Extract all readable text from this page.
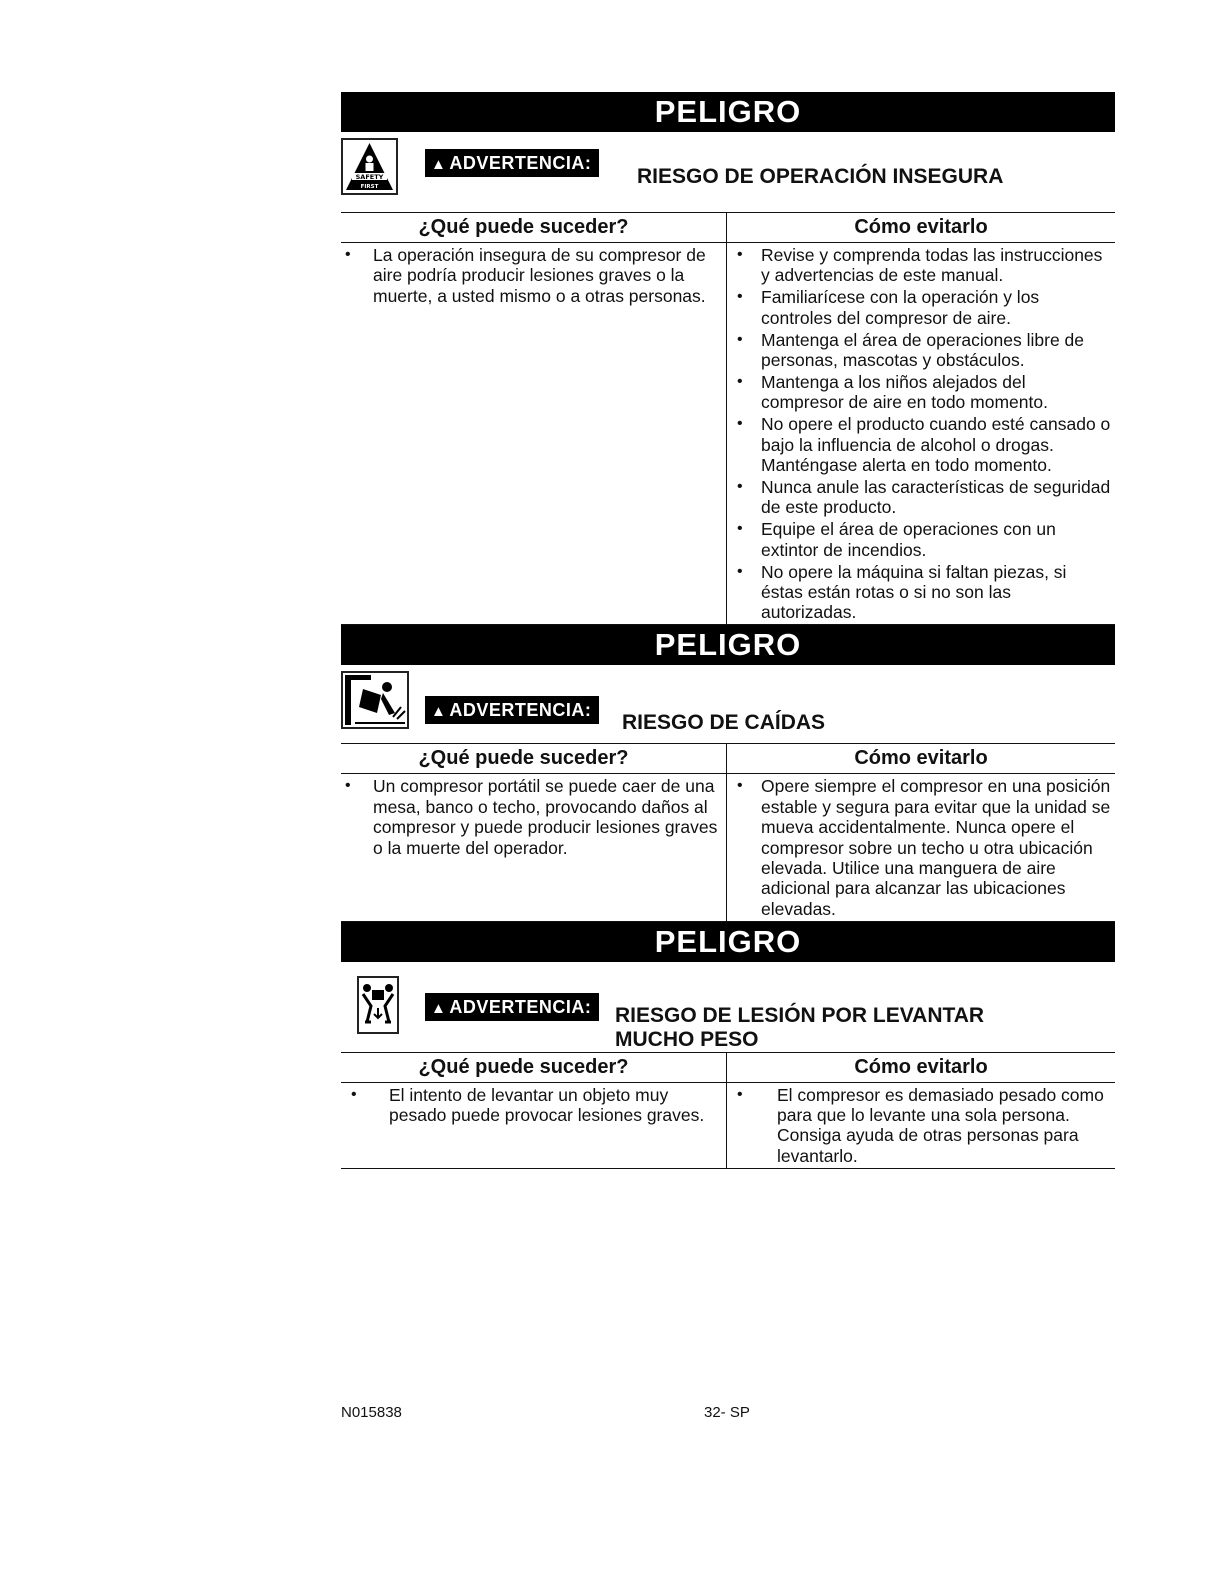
PELIGRO
SAFETY
FIRST
▲ ADVERTENCIA:
RIESGO DE OPERACIÓN INSEGURA
¿Qué puede suceder?
• La operación insegura de su compresor de aire podría producir lesiones graves o la muerte, a usted mismo o a otras personas.
Cómo evitarlo
• Revise y comprenda todas las instrucciones y advertencias de este manual.
• Familiarícese con la operación y los controles del compresor de aire.
• Mantenga el área de operaciones libre de personas, mascotas y obstáculos.
• Mantenga a los niños alejados del compresor de aire en todo momento.
• No opere el producto cuando esté cansado o bajo la influencia de alcohol o drogas. Manténgase alerta en todo momento.
• Nunca anule las características de seguridad de este producto.
• Equipe el área de operaciones con un extintor de incendios.
• No opere la máquina si faltan piezas, si éstas están rotas o si no son las autorizadas.
PELIGRO
▲ ADVERTENCIA:
RIESGO DE CAÍDAS
¿Qué puede suceder?
• Un compresor portátil se puede caer de una mesa, banco o techo, provocando daños al compresor y puede producir lesiones graves o la muerte del operador.
Cómo evitarlo
• Opere siempre el compresor en una posición estable y segura para evitar que la unidad se mueva accidentalmente. Nunca opere el compresor sobre un techo u otra ubicación elevada. Utilice una manguera de aire adicional para alcanzar las ubicaciones elevadas.
PELIGRO
▲ ADVERTENCIA:	RIESGO DE LESIÓN POR LEVANTAR
MUCHO PESO
¿Qué puede suceder?
• El intento de levantar un objeto muy pesado puede provocar lesiones graves.
Cómo evitarlo
• El compresor es demasiado pesado como para que lo levante una sola persona. Consiga ayuda de otras personas para levantarlo.
N015838	32- SP
